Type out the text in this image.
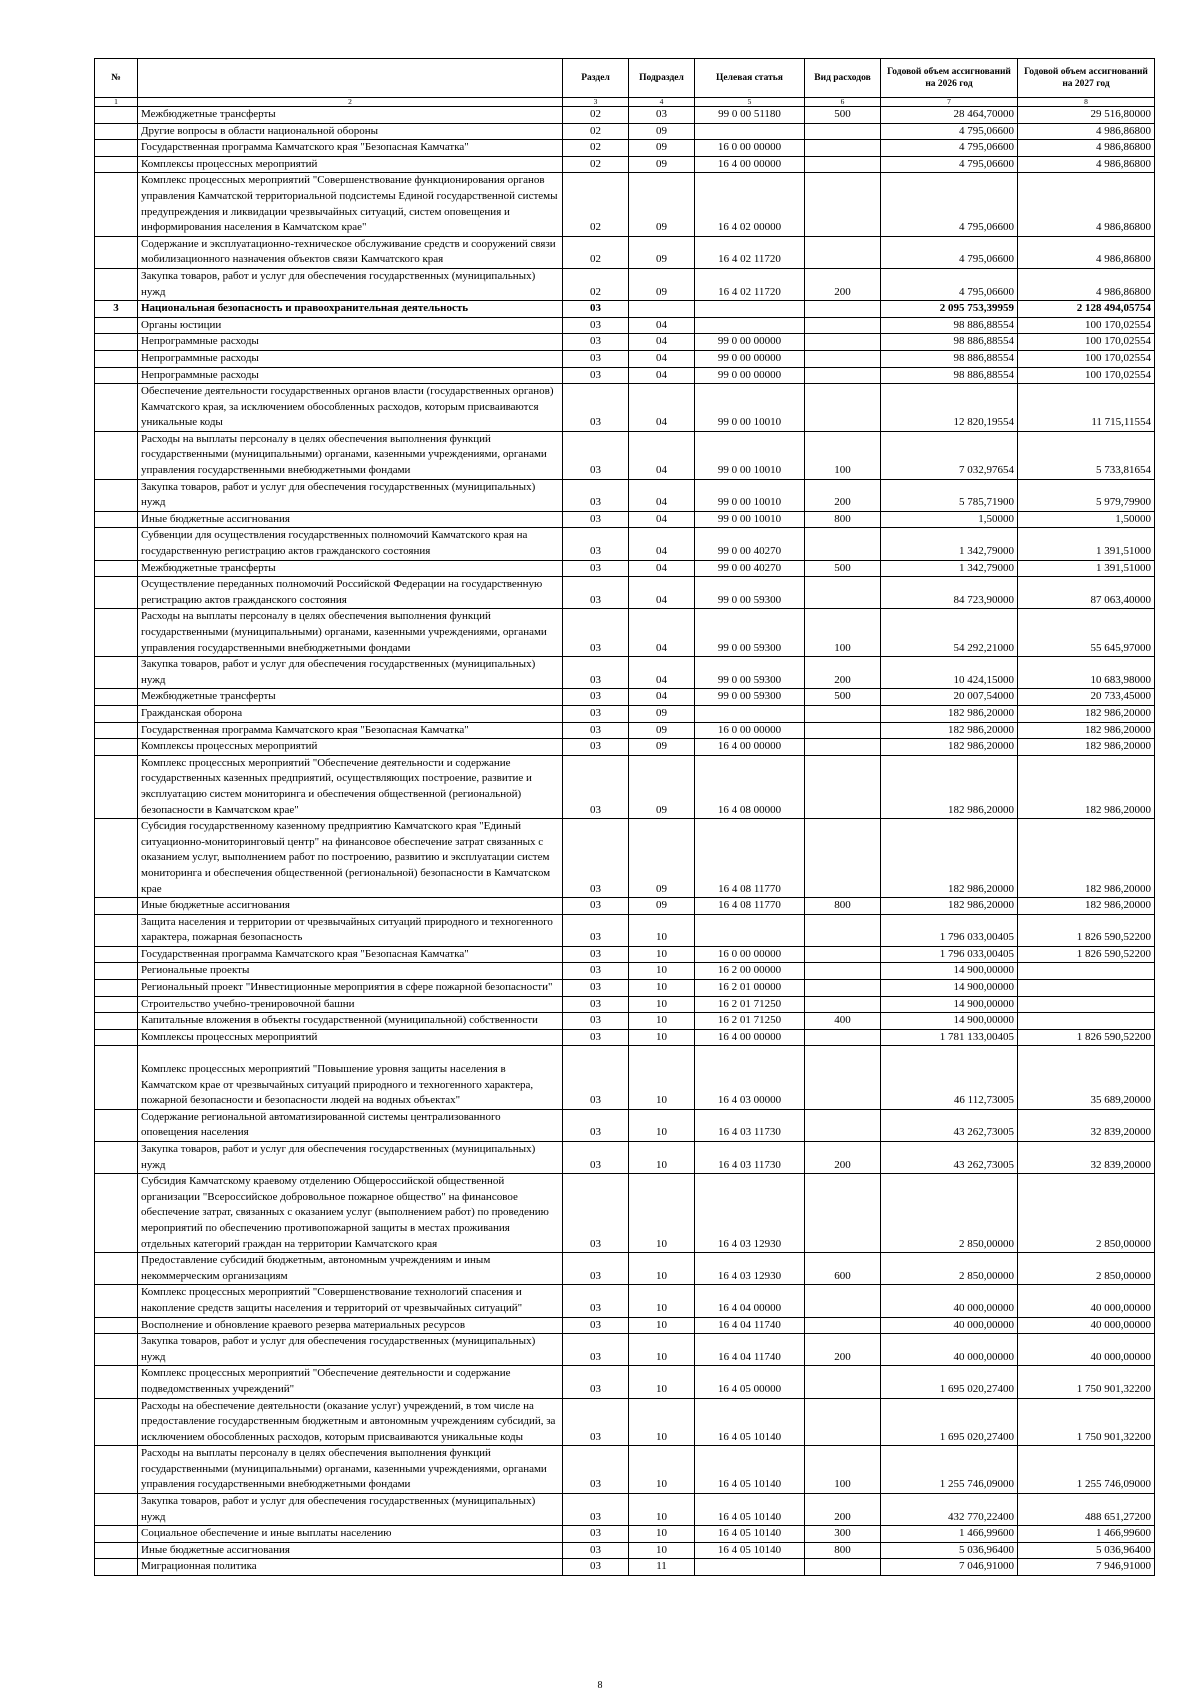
№		Раздел	Подраздел	Целевая статья	Вид расходов	Годовой объем ассигнований на 2026 год	Годовой объем ассигнований на 2027 год
1	2	3	4	5	6	7	8
	Межбюджетные трансферты	02	03	99 0 00 51180	500	28 464,70000	29 516,80000
	Другие вопросы в области национальной обороны	02	09			4 795,06600	4 986,86800
	Государственная программа Камчатского края "Безопасная Камчатка"	02	09	16 0 00 00000		4 795,06600	4 986,86800
	Комплексы процессных мероприятий	02	09	16 4 00 00000		4 795,06600	4 986,86800
	Комплекс процессных мероприятий "Совершенствование функционирования органов управления Камчатской территориальной подсистемы Единой государственной системы предупреждения и ликвидации чрезвычайных ситуаций, систем оповещения и информирования населения в Камчатском крае"	02	09	16 4 02 00000		4 795,06600	4 986,86800
	Содержание и эксплуатационно-техническое обслуживание средств и сооружений связи мобилизационного назначения объектов связи Камчатского края	02	09	16 4 02 11720		4 795,06600	4 986,86800
	Закупка товаров, работ и услуг для обеспечения государственных (муниципальных) нужд	02	09	16 4 02 11720	200	4 795,06600	4 986,86800
3	Национальная безопасность и правоохранительная деятельность	03				2 095 753,39959	2 128 494,05754
	Органы юстиции	03	04			98 886,88554	100 170,02554
	Непрограммные расходы	03	04	99 0 00 00000		98 886,88554	100 170,02554
	Непрограммные расходы	03	04	99 0 00 00000		98 886,88554	100 170,02554
	Непрограммные расходы	03	04	99 0 00 00000		98 886,88554	100 170,02554
	Обеспечение деятельности государственных органов власти (государственных органов) Камчатского края, за исключением обособленных расходов, которым присваиваются уникальные коды	03	04	99 0 00 10010		12 820,19554	11 715,11554
	Расходы на выплаты персоналу в целях обеспечения выполнения функций государственными (муниципальными) органами, казенными учреждениями, органами управления государственными внебюджетными фондами	03	04	99 0 00 10010	100	7 032,97654	5 733,81654
	Закупка товаров, работ и услуг для обеспечения государственных (муниципальных) нужд	03	04	99 0 00 10010	200	5 785,71900	5 979,79900
	Иные бюджетные ассигнования	03	04	99 0 00 10010	800	1,50000	1,50000
	Субвенции для осуществления государственных полномочий Камчатского края на государственную регистрацию актов гражданского состояния	03	04	99 0 00 40270		1 342,79000	1 391,51000
	Межбюджетные трансферты	03	04	99 0 00 40270	500	1 342,79000	1 391,51000
	Осуществление переданных полномочий Российской Федерации на государственную регистрацию актов гражданского состояния	03	04	99 0 00 59300		84 723,90000	87 063,40000
	Расходы на выплаты персоналу в целях обеспечения выполнения функций государственными (муниципальными) органами, казенными учреждениями, органами управления государственными внебюджетными фондами	03	04	99 0 00 59300	100	54 292,21000	55 645,97000
	Закупка товаров, работ и услуг для обеспечения государственных (муниципальных) нужд	03	04	99 0 00 59300	200	10 424,15000	10 683,98000
	Межбюджетные трансферты	03	04	99 0 00 59300	500	20 007,54000	20 733,45000
	Гражданская оборона	03	09			182 986,20000	182 986,20000
	Государственная программа Камчатского края "Безопасная Камчатка"	03	09	16 0 00 00000		182 986,20000	182 986,20000
	Комплексы процессных мероприятий	03	09	16 4 00 00000		182 986,20000	182 986,20000
	Комплекс процессных мероприятий "Обеспечение деятельности и содержание государственных казенных предприятий, осуществляющих построение, развитие и эксплуатацию систем мониторинга и обеспечения общественной (региональной) безопасности в Камчатском крае"	03	09	16 4 08 00000		182 986,20000	182 986,20000
	Субсидия государственному казенному предприятию Камчатского края "Единый ситуационно-мониторинговый центр" на финансовое обеспечение затрат связанных с оказанием услуг, выполнением работ по построению, развитию и эксплуатации систем мониторинга и обеспечения общественной (региональной) безопасности в Камчатском крае	03	09	16 4 08 11770		182 986,20000	182 986,20000
	Иные бюджетные ассигнования	03	09	16 4 08 11770	800	182 986,20000	182 986,20000
	Защита населения и территории от чрезвычайных ситуаций природного и техногенного характера, пожарная безопасность	03	10			1 796 033,00405	1 826 590,52200
	Государственная программа Камчатского края "Безопасная Камчатка"	03	10	16 0 00 00000		1 796 033,00405	1 826 590,52200
	Региональные проекты	03	10	16 2 00 00000		14 900,00000	
	Региональный проект "Инвестиционные мероприятия в сфере пожарной безопасности"	03	10	16 2 01 00000		14 900,00000	
	Строительство учебно-тренировочной башни	03	10	16 2 01 71250		14 900,00000	
	Капитальные вложения в объекты государственной (муниципальной) собственности	03	10	16 2 01 71250	400	14 900,00000	
	Комплексы процессных мероприятий	03	10	16 4 00 00000		1 781 133,00405	1 826 590,52200
	Комплекс процессных мероприятий "Повышение уровня защиты населения в Камчатском крае от чрезвычайных ситуаций природного и техногенного характера, пожарной безопасности и безопасности людей на водных объектах"	03	10	16 4 03 00000		46 112,73005	35 689,20000
	Содержание региональной автоматизированной системы централизованного оповещения населения	03	10	16 4 03 11730		43 262,73005	32 839,20000
	Закупка товаров, работ и услуг для обеспечения государственных (муниципальных) нужд	03	10	16 4 03 11730	200	43 262,73005	32 839,20000
	Субсидия Камчатскому краевому отделению Общероссийской общественной организации "Всероссийское добровольное пожарное общество" на финансовое обеспечение затрат, связанных с оказанием услуг (выполнением работ) по проведению мероприятий по обеспечению противопожарной защиты в местах проживания отдельных категорий граждан на территории Камчатского края	03	10	16 4 03 12930		2 850,00000	2 850,00000
	Предоставление субсидий бюджетным, автономным учреждениям и иным некоммерческим организациям	03	10	16 4 03 12930	600	2 850,00000	2 850,00000
	Комплекс процессных мероприятий "Совершенствование технологий спасения и накопление средств защиты населения и территорий от чрезвычайных ситуаций"	03	10	16 4 04 00000		40 000,00000	40 000,00000
	Восполнение и обновление краевого резерва материальных ресурсов	03	10	16 4 04 11740		40 000,00000	40 000,00000
	Закупка товаров, работ и услуг для обеспечения государственных (муниципальных) нужд	03	10	16 4 04 11740	200	40 000,00000	40 000,00000
	Комплекс процессных мероприятий "Обеспечение деятельности и содержание подведомственных учреждений"	03	10	16 4 05 00000		1 695 020,27400	1 750 901,32200
	Расходы на обеспечение деятельности (оказание услуг) учреждений, в том числе на предоставление государственным бюджетным и автономным учреждениям субсидий, за исключением обособленных расходов, которым присваиваются уникальные коды	03	10	16 4 05 10140		1 695 020,27400	1 750 901,32200
	Расходы на выплаты персоналу в целях обеспечения выполнения функций государственными (муниципальными) органами, казенными учреждениями, органами управления государственными внебюджетными фондами	03	10	16 4 05 10140	100	1 255 746,09000	1 255 746,09000
	Закупка товаров, работ и услуг для обеспечения государственных (муниципальных) нужд	03	10	16 4 05 10140	200	432 770,22400	488 651,27200
	Социальное обеспечение и иные выплаты населению	03	10	16 4 05 10140	300	1 466,99600	1 466,99600
	Иные бюджетные ассигнования	03	10	16 4 05 10140	800	5 036,96400	5 036,96400
	Миграционная политика	03	11			7 046,91000	7 946,91000
8
